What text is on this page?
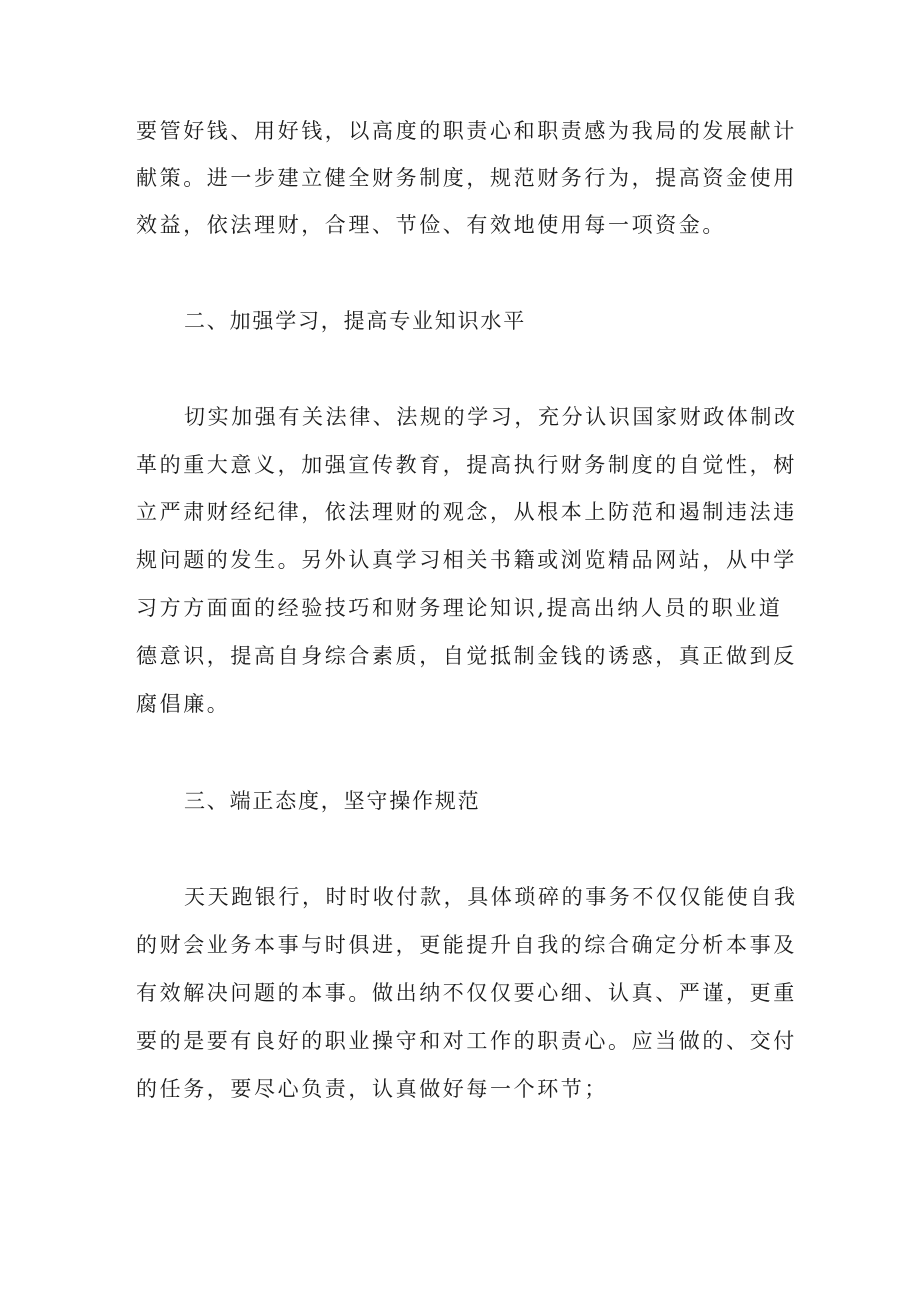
要管好钱、用好钱，以高度的职责心和职责感为我局的发展献计

献策。进一步建立健全财务制度，规范财务行为，提高资金使用

效益，依法理财，合理、节俭、有效地使用每一项资金。

二、加强学习，提高专业知识水平

切实加强有关法律、法规的学习，充分认识国家财政体制改

革的重大意义，加强宣传教育，提高执行财务制度的自觉性，树

立严肃财经纪律，依法理财的观念，从根本上防范和遏制违法违

规问题的发生。另外认真学习相关书籍或浏览精品网站，从中学

习方方面面的经验技巧和财务理论知识,提高出纳人员的职业道

德意识，提高自身综合素质，自觉抵制金钱的诱惑，真正做到反

腐倡廉。

三、端正态度，坚守操作规范

天天跑银行，时时收付款，具体琐碎的事务不仅仅能使自我

的财会业务本事与时俱进，更能提升自我的综合确定分析本事及

有效解决问题的本事。做出纳不仅仅要心细、认真、严谨，更重

要的是要有良好的职业操守和对工作的职责心。应当做的、交付

的任务，要尽心负责，认真做好每一个环节；
